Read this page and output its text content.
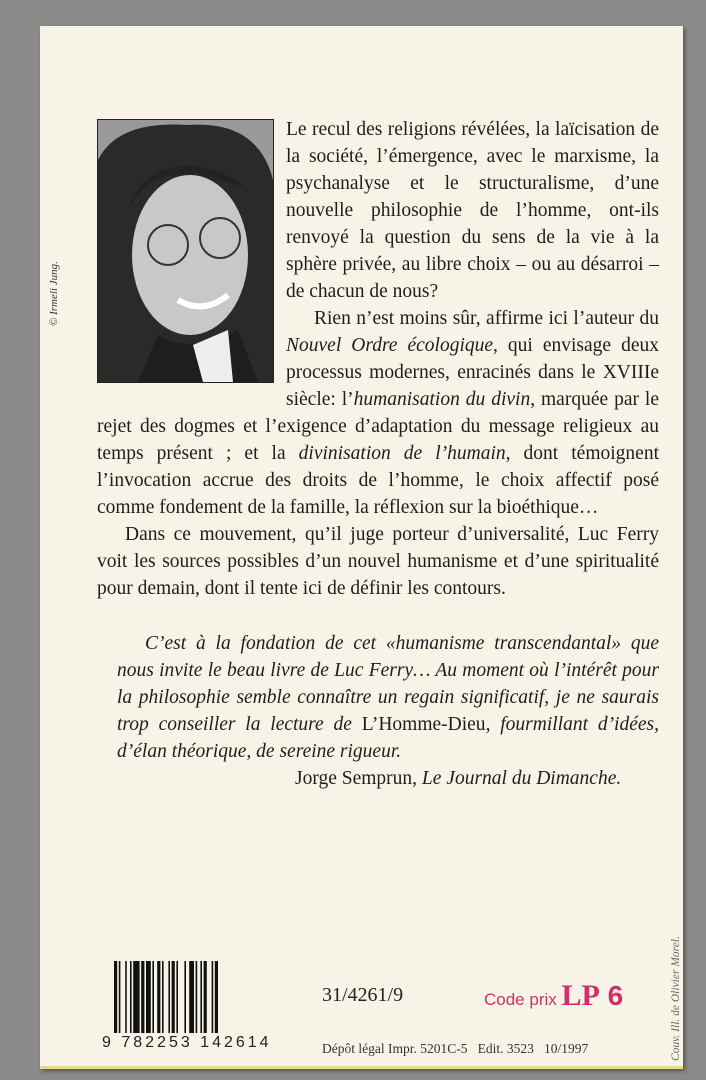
© Irmeli Jung.

Le recul des religions révélées, la laïcisation de la société, l’émergence, avec le marxisme, la psychanalyse et le structuralisme, d’une nouvelle philosophie de l’homme, ont-ils renvoyé la question du sens de la vie à la sphère privée, au libre choix – ou au désarroi – de chacun de nous?

Rien n’est moins sûr, affirme ici l’auteur du Nouvel Ordre écologique, qui envisage deux processus modernes, enracinés dans le XVIIIe siècle: l’humanisation du divin, marquée par le rejet des dogmes et l’exigence d’adaptation du message religieux au temps présent ; et la divinisation de l’humain, dont témoignent l’invocation accrue des droits de l’homme, le choix affectif posé comme fondement de la famille, la réflexion sur la bioéthique…

Dans ce mouvement, qu’il juge porteur d’universalité, Luc Ferry voit les sources possibles d’un nouvel humanisme et d’une spiritualité pour demain, dont il tente ici de définir les contours.

C’est à la fondation de cet «humanisme transcendantal» que nous invite le beau livre de Luc Ferry… Au moment où l’intérêt pour la philosophie semble connaître un regain significatif, je ne saurais trop conseiller la lecture de L’Homme-Dieu, fourmillant d’idées, d’élan théorique, de sereine rigueur.

Jorge Semprun, Le Journal du Dimanche.

9 782253 142614
31/4261/9	Code prix LP 6
Dépôt légal Impr. 5201C-5   Edit. 3523   10/1997	Couv. Ill. de Olivier Morel.
